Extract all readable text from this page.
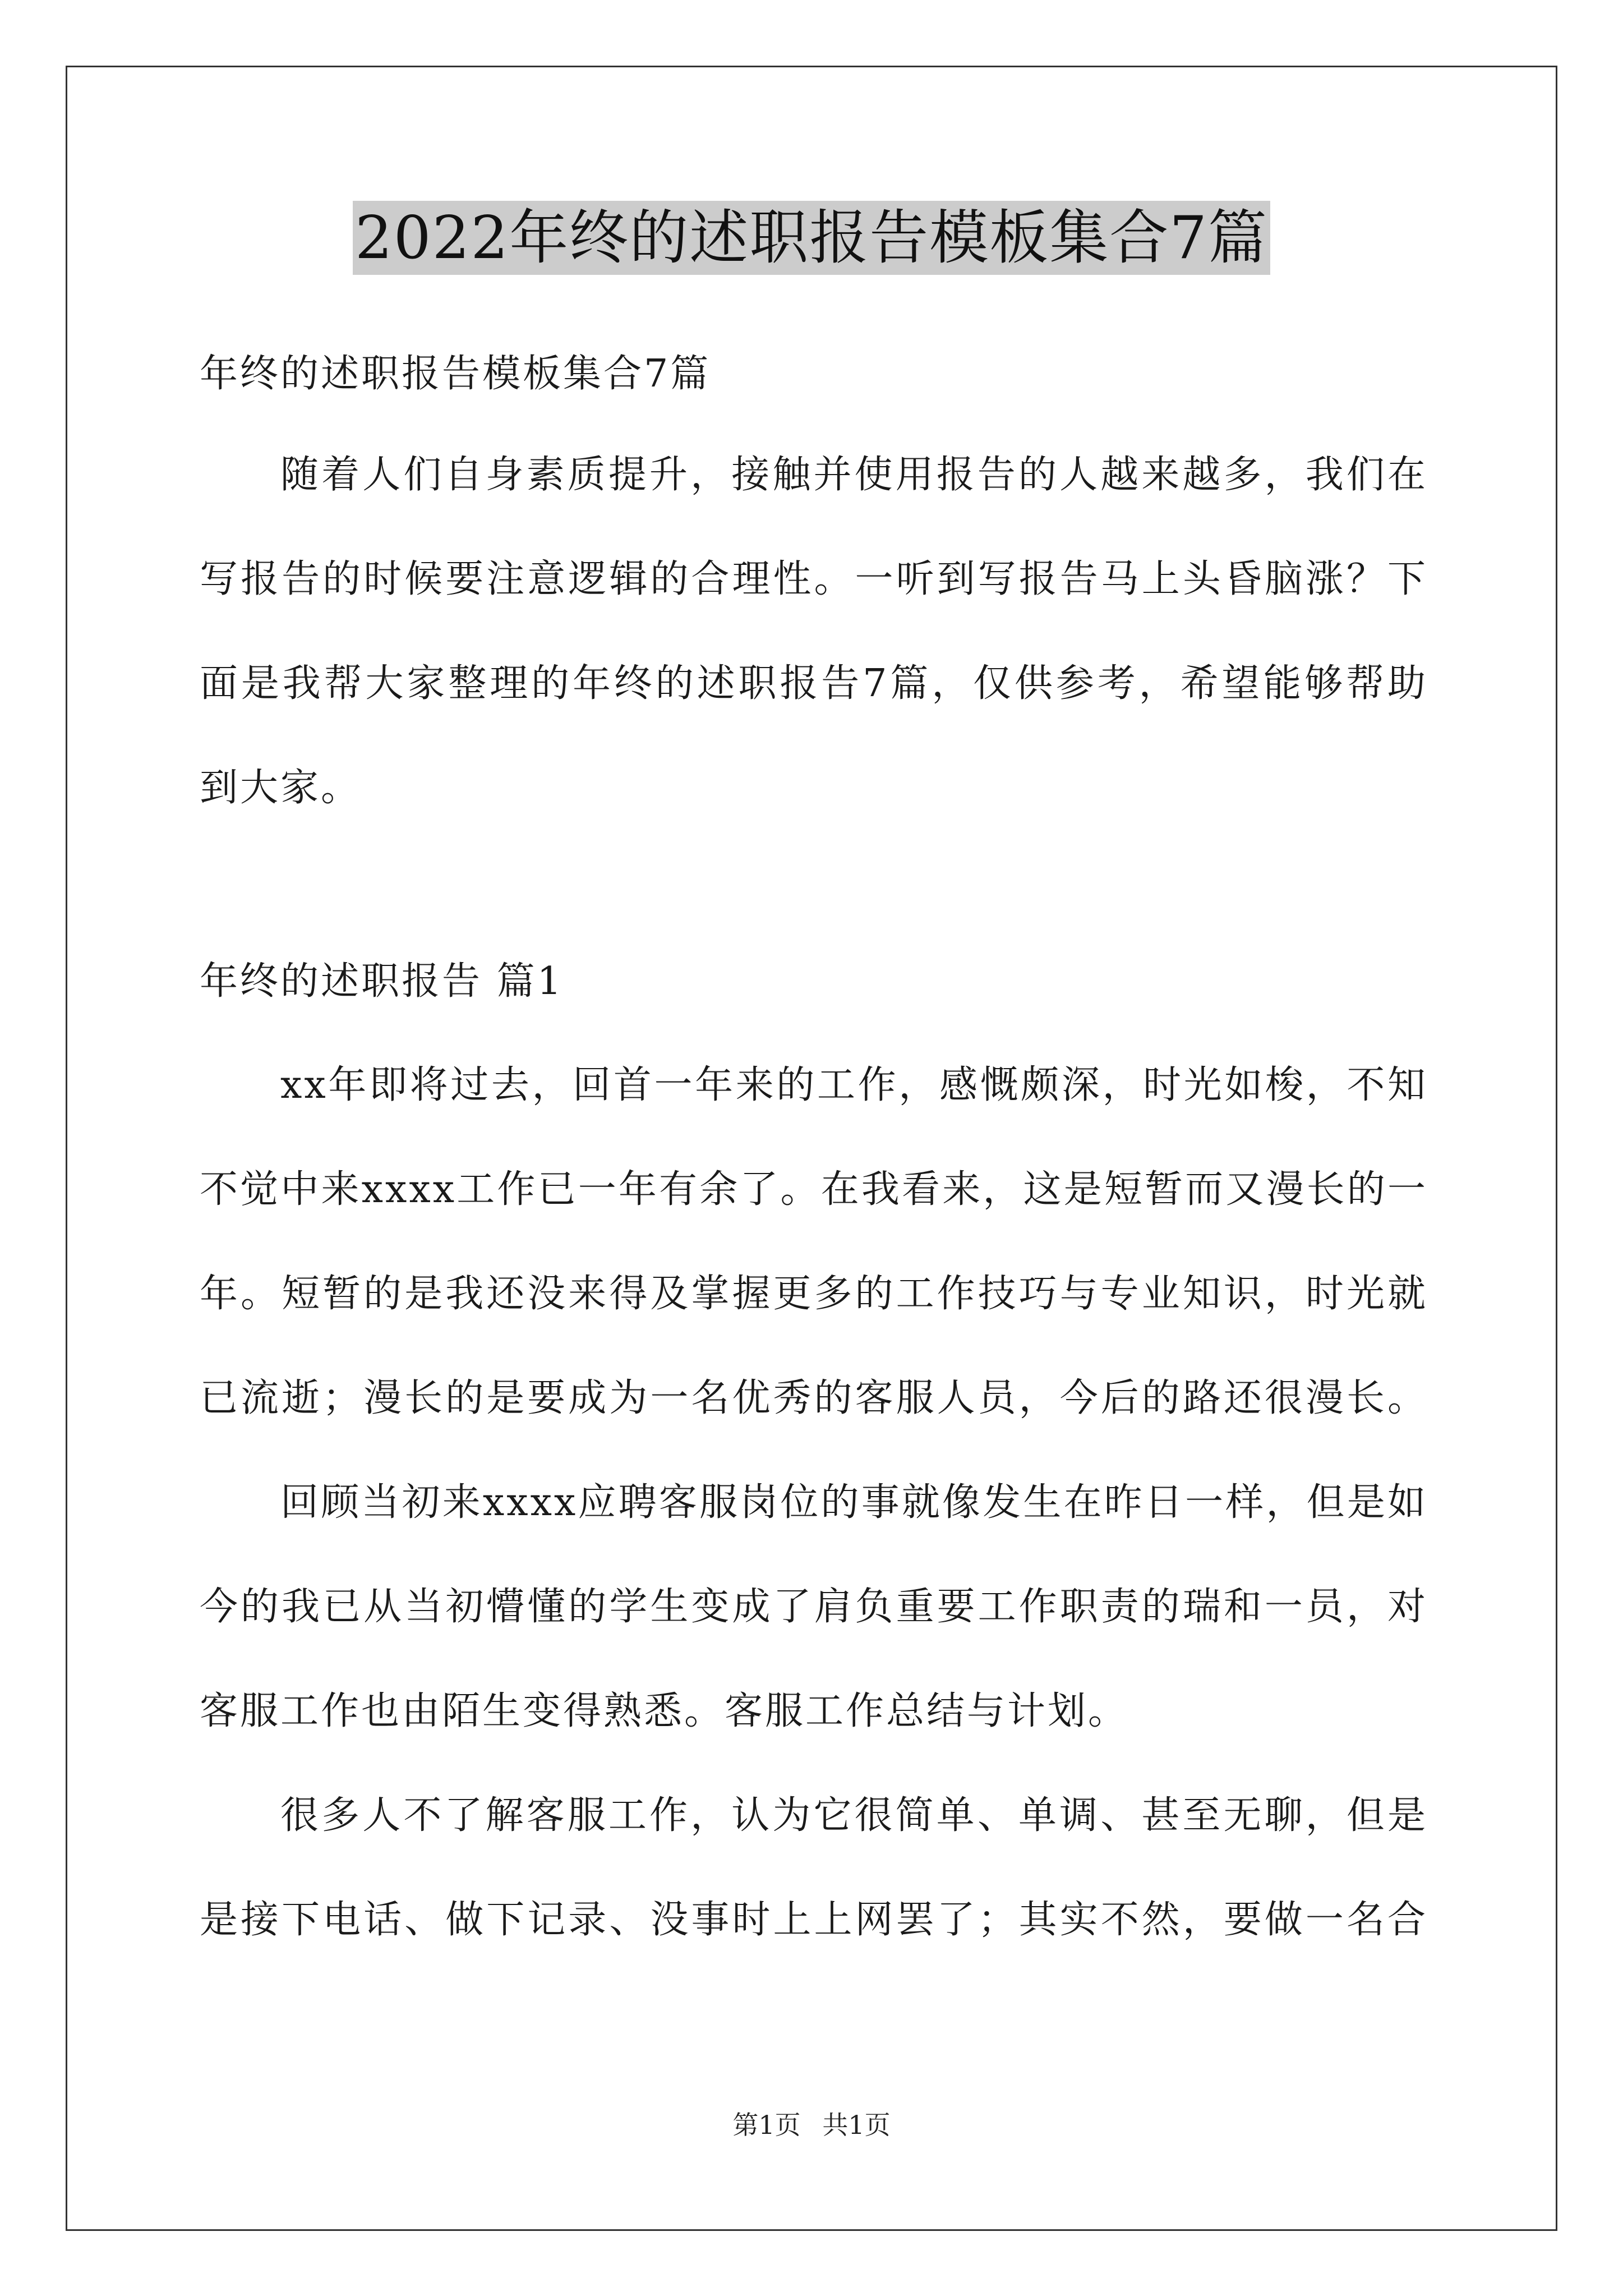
2022年终的述职报告模板集合7篇
年终的述职报告模板集合7篇
随着人们自身素质提升，接触并使用报告的人越来越多，我们在
写报告的时候要注意逻辑的合理性。一听到写报告马上头昏脑涨？下
面是我帮大家整理的年终的述职报告7篇，仅供参考，希望能够帮助
到大家。
年终的述职报告 篇1
xx年即将过去，回首一年来的工作，感慨颇深，时光如梭，不知
不觉中来xxxx工作已一年有余了。在我看来，这是短暂而又漫长的一
年。短暂的是我还没来得及掌握更多的工作技巧与专业知识，时光就
已流逝；漫长的是要成为一名优秀的客服人员，今后的路还很漫长。
回顾当初来xxxx应聘客服岗位的事就像发生在昨日一样，但是如
今的我已从当初懵懂的学生变成了肩负重要工作职责的瑞和一员，对
客服工作也由陌生变得熟悉。客服工作总结与计划。
很多人不了解客服工作，认为它很简单、单调、甚至无聊，但是
是接下电话、做下记录、没事时上上网罢了；其实不然，要做一名合
第1页 共1页
